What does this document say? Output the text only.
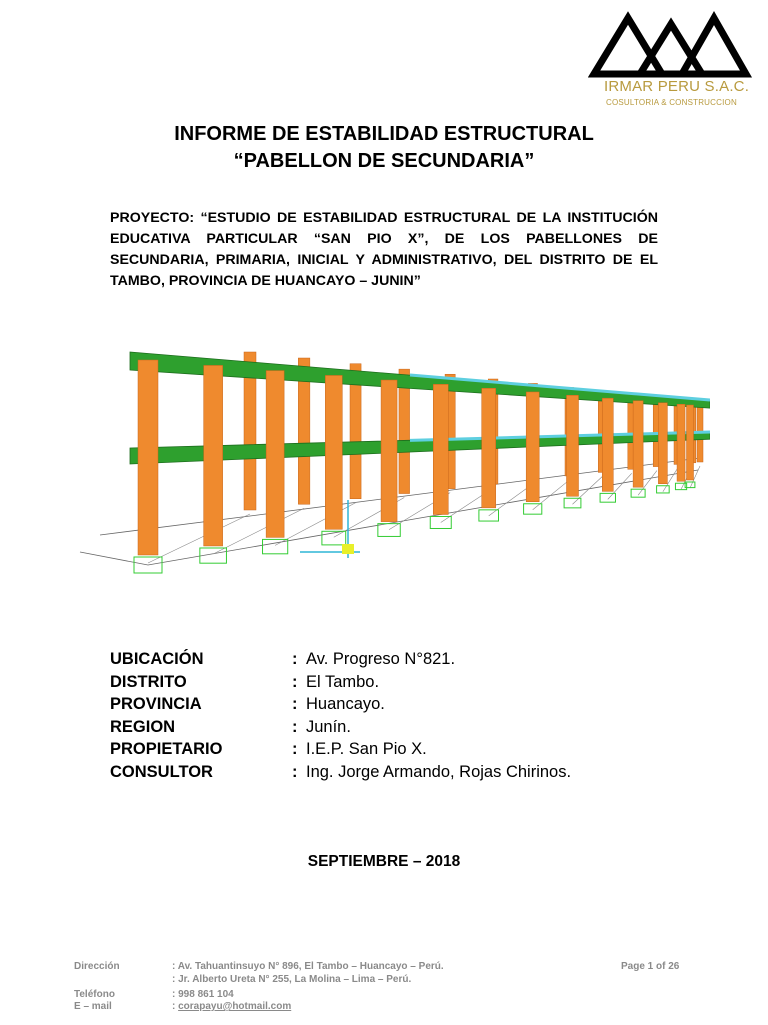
IRMAR PERU S.A.C.
COSULTORIA & CONSTRUCCION
INFORME DE ESTABILIDAD ESTRUCTURAL
“PABELLON DE SECUNDARIA”
PROYECTO: “ESTUDIO DE ESTABILIDAD ESTRUCTURAL DE LA INSTITUCIÓN EDUCATIVA PARTICULAR “SAN PIO X”, DE LOS PABELLONES DE SECUNDARIA, PRIMARIA, INICIAL Y ADMINISTRATIVO, DEL DISTRITO DE EL TAMBO, PROVINCIA DE HUANCAYO – JUNIN”
UBICACIÓN	: Av. Progreso N°821.
DISTRITO	: El Tambo.
PROVINCIA	: Huancayo.
REGION	: Junín.
PROPIETARIO	: I.E.P. San Pio X.
CONSULTOR	: Ing. Jorge Armando, Rojas Chirinos.
SEPTIEMBRE – 2018
Dirección	: Av. Tahuantinsuyo N° 896, El Tambo – Huancayo – Perú.
: Jr. Alberto Ureta N° 255, La Molina – Lima – Perú.
Teléfono	: 998 861 104
E – mail	: corapayu@hotmail.com
Page 1 of 26
